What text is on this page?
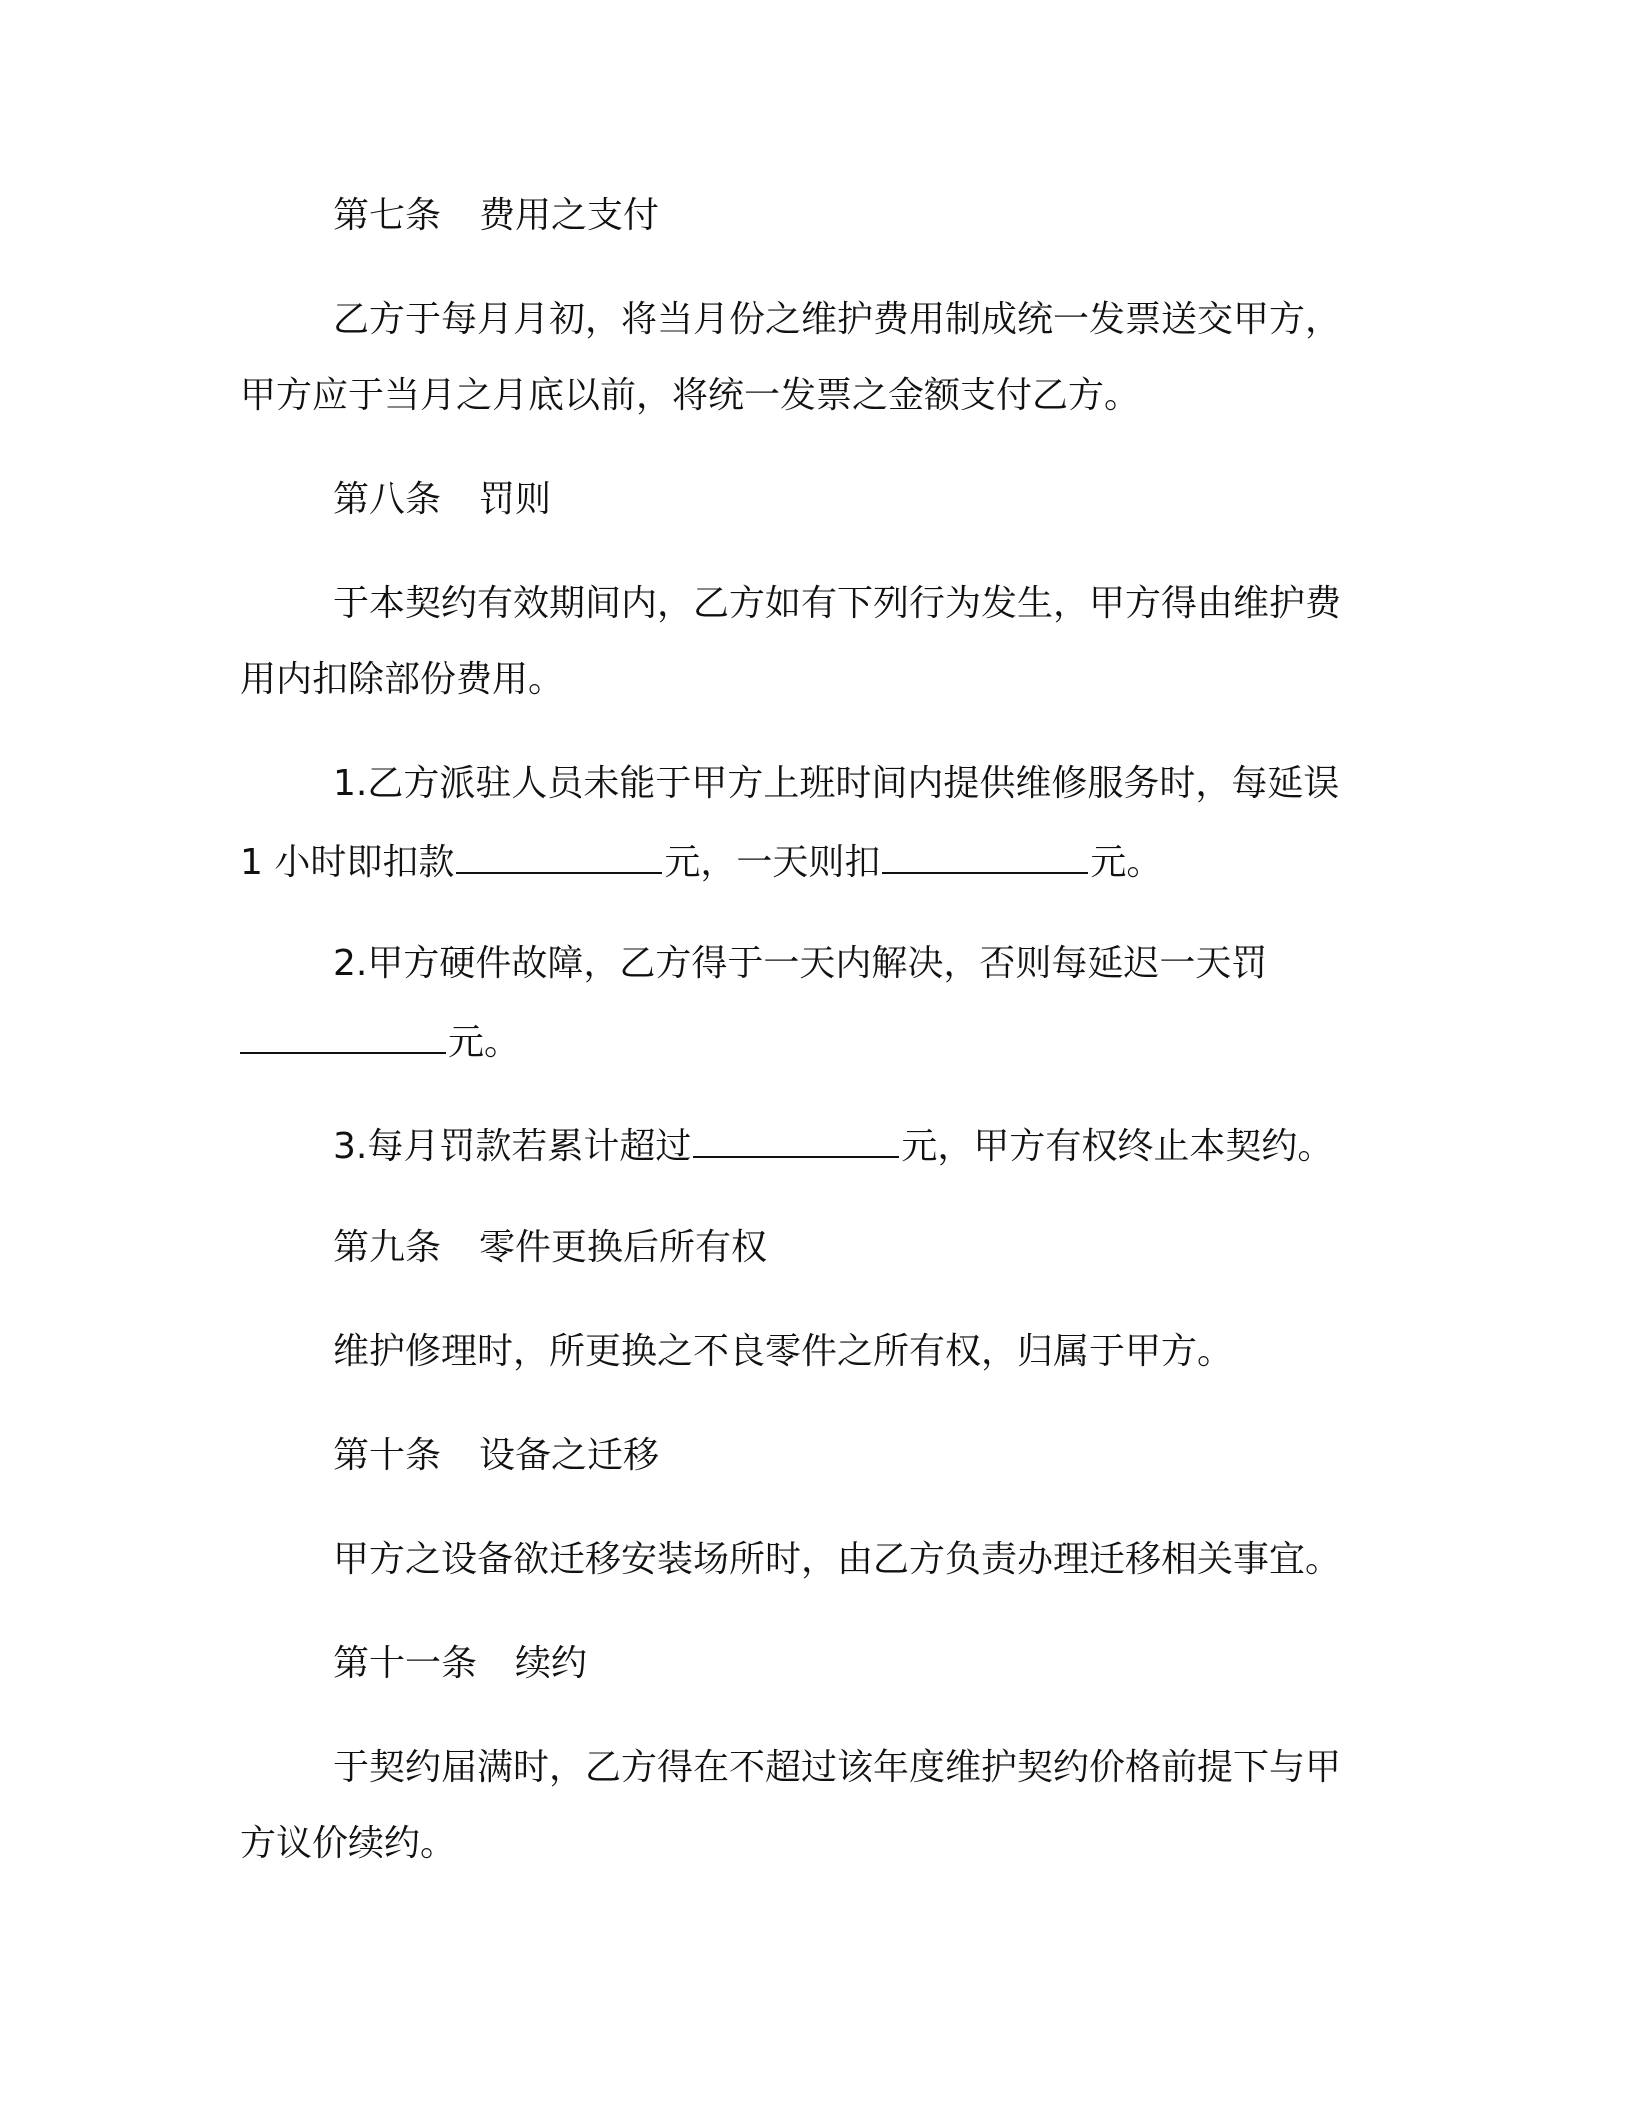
第七条 费用之支付
乙方于每月月初，将当月份之维护费用制成统一发票送交甲方，
甲方应于当月之月底以前，将统一发票之金额支付乙方。
第八条 罚则
于本契约有效期间内，乙方如有下列行为发生，甲方得由维护费
用内扣除部份费用。
1.乙方派驻人员未能于甲方上班时间内提供维修服务时，每延误
1 小时即扣款	元，一天则扣	元。
2.甲方硬件故障，乙方得于一天内解决，否则每延迟一天罚
元。
3.每月罚款若累计超过	元，甲方有权终止本契约。
第九条 零件更换后所有权
维护修理时，所更换之不良零件之所有权，归属于甲方。
第十条 设备之迁移
甲方之设备欲迁移安装场所时，由乙方负责办理迁移相关事宜。
第十一条 续约
于契约届满时，乙方得在不超过该年度维护契约价格前提下与甲
方议价续约。
